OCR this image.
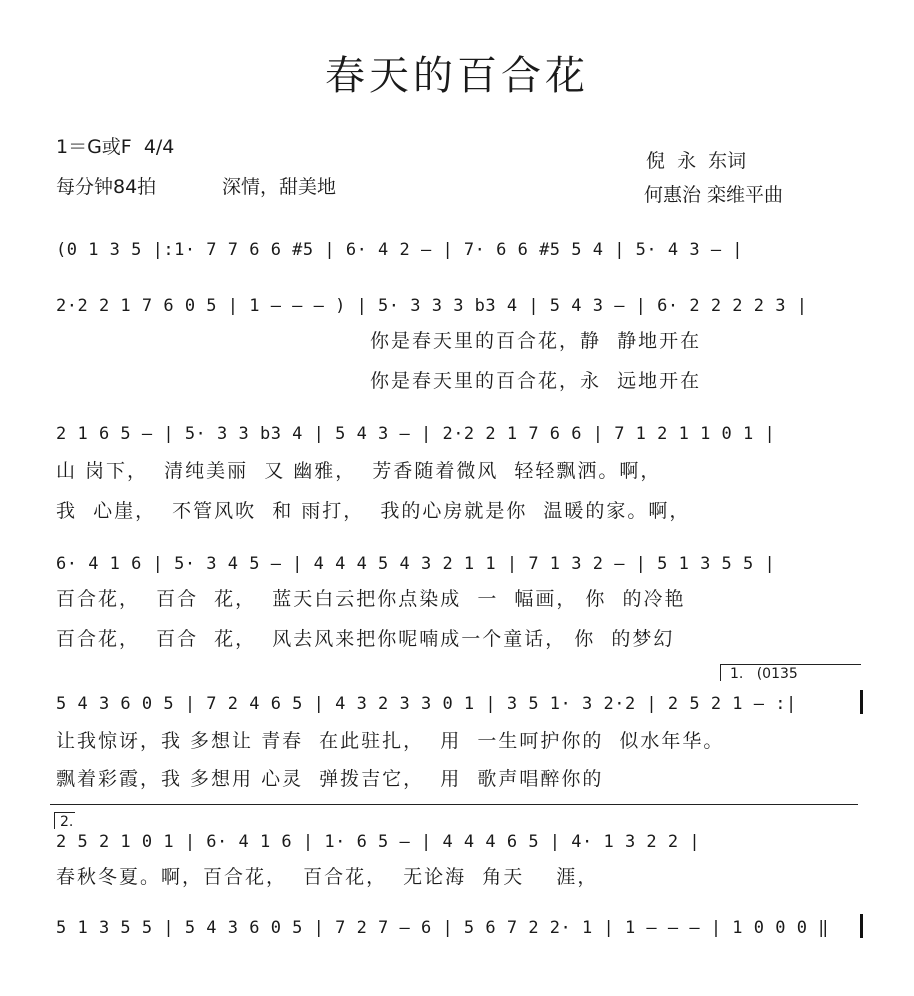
春天的百合花
1＝G或F  4/4
每分钟84拍	深情，甜美地
倪  永  东词
何惠治 栾维平曲
(0 1 3 5 |:1· 7 7 6 6 #5 | 6· 4 2 — | 7· 6 6 #5 5 4 | 5· 4 3 — |
2·2 2 1 7 6 0 5 | 1 — — — ) | 5· 3 3 3 b3 4 | 5 4 3 — | 6· 2 2 2 2 3 |
你是春天里的百合花，静  静地开在
你是春天里的百合花，永  远地开在
2 1 6 5 — | 5· 3 3 b3 4 | 5 4 3 — | 2·2 2 1 7 6 6 | 7 1 2 1 1 0 1 |
山 岗下，  清纯美丽  又 幽雅，  芳香随着微风  轻轻飘洒。啊，
我  心崖，  不管风吹  和 雨打，  我的心房就是你  温暖的家。啊，
6· 4 1 6 | 5· 3 4 5 — | 4 4 4 5 4 3 2 1 1 | 7 1 3 2 — | 5 1 3 5 5 |
百合花，  百合  花，  蓝天白云把你点染成  一  幅画， 你  的冷艳
百合花，  百合  花，  风去风来把你呢喃成一个童话， 你  的梦幻
1.   (0135
5 4 3 6 0 5 | 7 2 4 6 5 | 4 3 2 3 3 0 1 | 3 5 1· 3 2·2 | 2 5 2 1 — :|
让我惊讶，我 多想让 青春  在此驻扎，  用  一生呵护你的  似水年华。
飘着彩霞，我 多想用 心灵  弹拨吉它，  用  歌声唱醉你的
2.
2 5 2 1 0 1 | 6· 4 1 6 | 1· 6 5 — | 4 4 4 6 5 | 4· 1 3 2 2 |
春秋冬夏。啊，百合花，  百合花，  无论海  角天    涯，
5 1 3 5 5 | 5 4 3 6 0 5 | 7 2 7 — 6 | 5 6 7 2 2· 1 | 1 — — — | 1 0 0 0 ‖
